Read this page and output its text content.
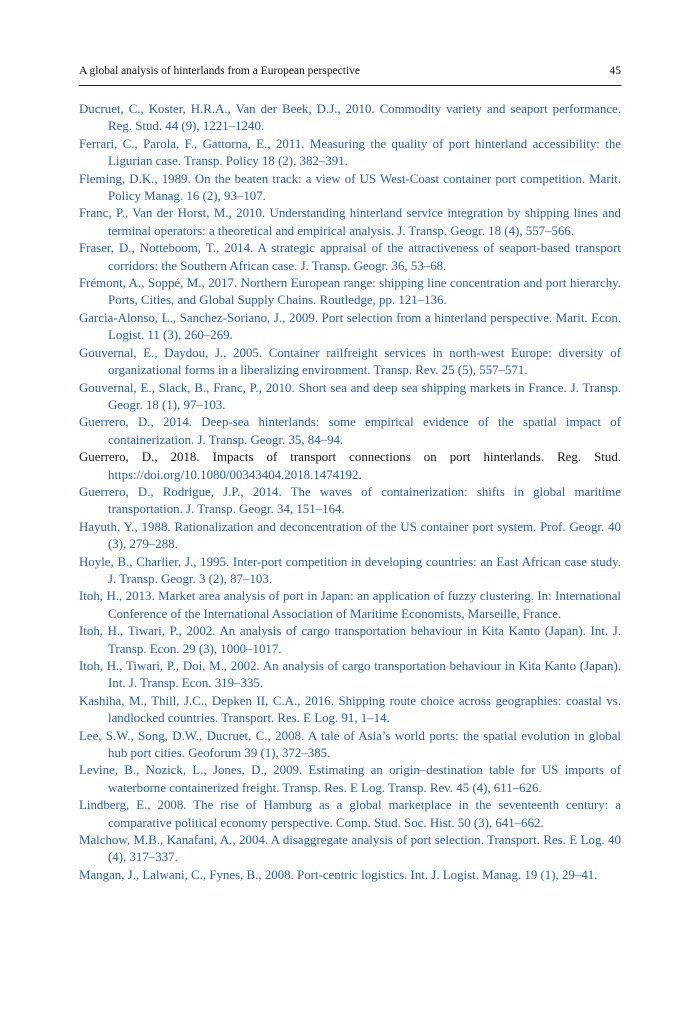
A global analysis of hinterlands from a European perspective	45
Ducruet, C., Koster, H.R.A., Van der Beek, D.J., 2010. Commodity variety and seaport performance. Reg. Stud. 44 (9), 1221–1240.
Ferrari, C., Parola, F., Gattorna, E., 2011. Measuring the quality of port hinterland accessibility: the Ligurian case. Transp. Policy 18 (2), 382–391.
Fleming, D.K., 1989. On the beaten track: a view of US West-Coast container port competition. Marit. Policy Manag. 16 (2), 93–107.
Franc, P., Van der Horst, M., 2010. Understanding hinterland service integration by shipping lines and terminal operators: a theoretical and empirical analysis. J. Transp. Geogr. 18 (4), 557–566.
Fraser, D., Notteboom, T., 2014. A strategic appraisal of the attractiveness of seaport-based transport corridors: the Southern African case. J. Transp. Geogr. 36, 53–68.
Frémont, A., Soppé, M., 2017. Northern European range: shipping line concentration and port hierarchy. Ports, Cities, and Global Supply Chains. Routledge, pp. 121–136.
Garcia-Alonso, L., Sanchez-Soriano, J., 2009. Port selection from a hinterland perspective. Marit. Econ. Logist. 11 (3), 260–269.
Gouvernal, E., Daydou, J., 2005. Container railfreight services in north-west Europe: diversity of organizational forms in a liberalizing environment. Transp. Rev. 25 (5), 557–571.
Gouvernal, E., Slack, B., Franc, P., 2010. Short sea and deep sea shipping markets in France. J. Transp. Geogr. 18 (1), 97–103.
Guerrero, D., 2014. Deep-sea hinterlands: some empirical evidence of the spatial impact of containerization. J. Transp. Geogr. 35, 84–94.
Guerrero, D., 2018. Impacts of transport connections on port hinterlands. Reg. Stud. https://doi.org/10.1080/00343404.2018.1474192.
Guerrero, D., Rodrigue, J.P., 2014. The waves of containerization: shifts in global maritime transportation. J. Transp. Geogr. 34, 151–164.
Hayuth, Y., 1988. Rationalization and deconcentration of the US container port system. Prof. Geogr. 40 (3), 279–288.
Hoyle, B., Charlier, J., 1995. Inter-port competition in developing countries: an East African case study. J. Transp. Geogr. 3 (2), 87–103.
Itoh, H., 2013. Market area analysis of port in Japan: an application of fuzzy clustering. In: International Conference of the International Association of Maritime Economists, Marseille, France.
Itoh, H., Tiwari, P., 2002. An analysis of cargo transportation behaviour in Kita Kanto (Japan). Int. J. Transp. Econ. 29 (3), 1000–1017.
Itoh, H., Tiwari, P., Doi, M., 2002. An analysis of cargo transportation behaviour in Kita Kanto (Japan). Int. J. Transp. Econ. 319–335.
Kashiha, M., Thill, J.C., Depken II, C.A., 2016. Shipping route choice across geographies: coastal vs. landlocked countries. Transport. Res. E Log. 91, 1–14.
Lee, S.W., Song, D.W., Ducruet, C., 2008. A tale of Asia’s world ports: the spatial evolution in global hub port cities. Geoforum 39 (1), 372–385.
Levine, B., Nozick, L., Jones, D., 2009. Estimating an origin–destination table for US imports of waterborne containerized freight. Transp. Res. E Log. Transp. Rev. 45 (4), 611–626.
Lindberg, E., 2008. The rise of Hamburg as a global marketplace in the seventeenth century: a comparative political economy perspective. Comp. Stud. Soc. Hist. 50 (3), 641–662.
Malchow, M.B., Kanafani, A., 2004. A disaggregate analysis of port selection. Transport. Res. E Log. 40 (4), 317–337.
Mangan, J., Lalwani, C., Fynes, B., 2008. Port-centric logistics. Int. J. Logist. Manag. 19 (1), 29–41.
